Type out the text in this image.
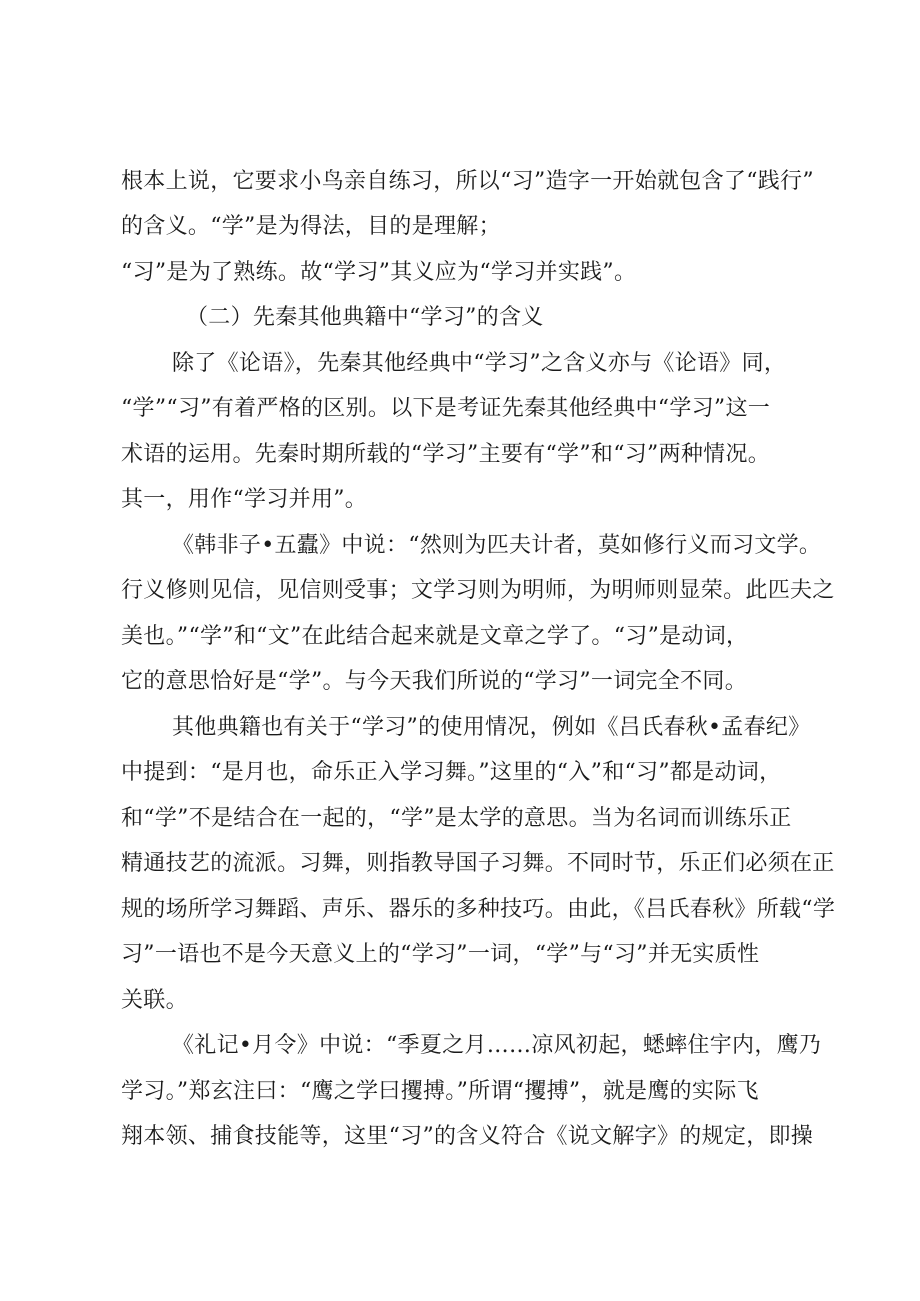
根本上说，它要求小鸟亲自练习，所以“习”造字一开始就包含了“践行”
的含义。“学”是为得法，目的是理解；
“习”是为了熟练。故“学习”其义应为“学习并实践”。
（二）先秦其他典籍中“学习”的含义
除了《论语》，先秦其他经典中“学习”之含义亦与《论语》同，
“学”“习”有着严格的区别。以下是考证先秦其他经典中“学习”这一
术语的运用。先秦时期所载的“学习”主要有“学”和“习”两种情况。
其一，用作“学习并用”。
《韩非子•五蠹》中说：“然则为匹夫计者，莫如修行义而习文学。
行义修则见信，见信则受事；文学习则为明师，为明师则显荣。此匹夫之
美也。”“学”和“文”在此结合起来就是文章之学了。“习”是动词，
它的意思恰好是“学”。与今天我们所说的“学习”一词完全不同。
其他典籍也有关于“学习”的使用情况，例如《吕氏春秋•孟春纪》
中提到：“是月也，命乐正入学习舞。”这里的“入”和“习”都是动词，
和“学”不是结合在一起的，“学”是太学的意思。当为名词而训练乐正
精通技艺的流派。习舞，则指教导国子习舞。不同时节，乐正们必须在正
规的场所学习舞蹈、声乐、器乐的多种技巧。由此，《吕氏春秋》所载“学
习”一语也不是今天意义上的“学习”一词，“学”与“习”并无实质性
关联。
《礼记•月令》中说：“季夏之月……凉风初起，蟋蟀住宇内，鹰乃
学习。”郑玄注曰：“鹰之学曰攫搏。”所谓“攫搏”，就是鹰的实际飞
翔本领、捕食技能等，这里“习”的含义符合《说文解字》的规定，即操
